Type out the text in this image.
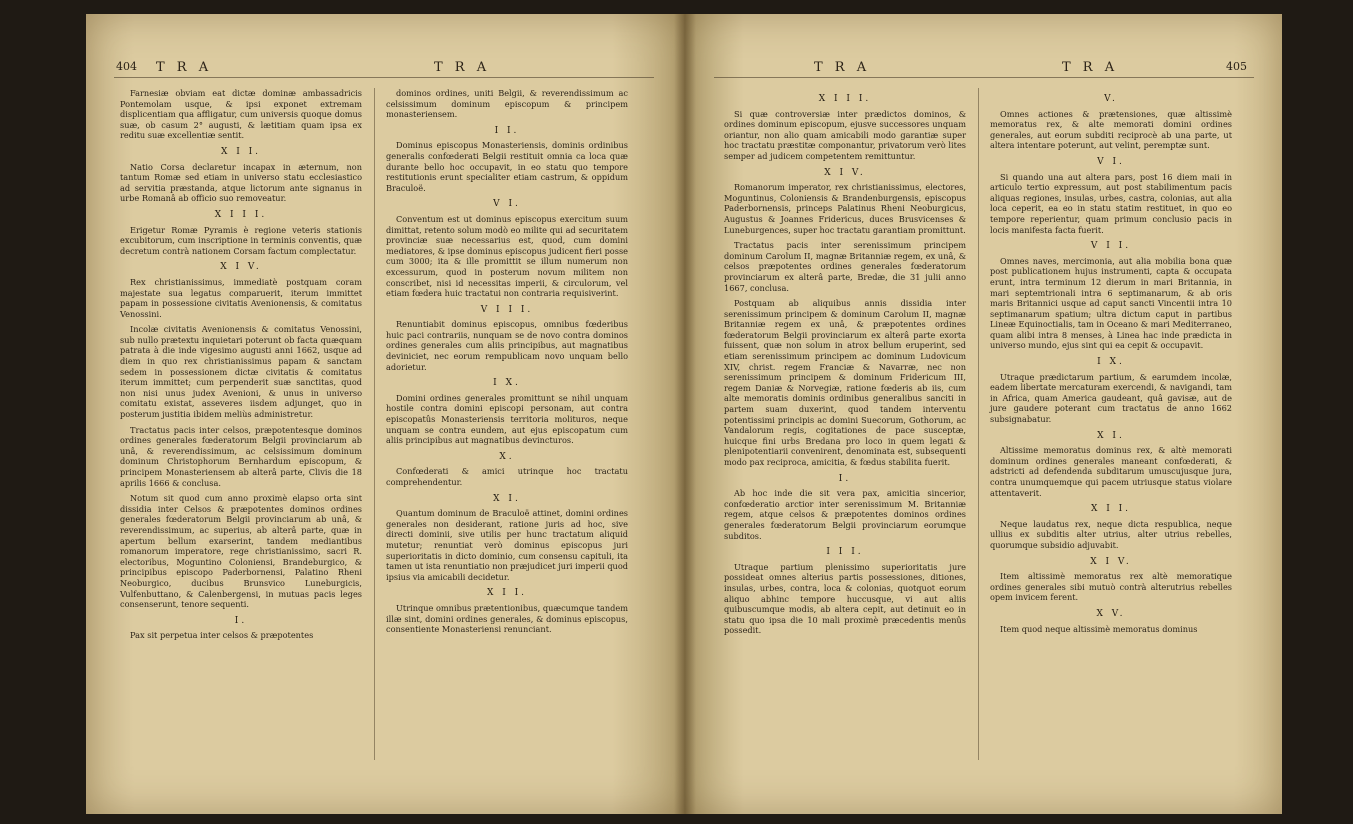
404 T R A	T R A

Farnesiæ obviam eat dictæ dominæ ambassadricis Pontemolam usque, & ipsi exponet extremam displicentiam qua affligatur, cum universis quoque domus suæ, ob casum 2° augusti, & lætitiam quam ipsa ex reditu suæ excellentiæ sentit.

X I I.

Natio Corsa declaretur incapax in æternum, non tantum Romæ sed etiam in universo statu ecclesiastico ad servitia præstanda, atque lictorum ante signanus in urbe Romanâ ab officio suo removeatur.

X I I I.

Erigetur Romæ Pyramis è regione veteris stationis excubitorum, cum inscriptione in terminis conventis, quæ decretum contrà nationem Corsam factum complectatur.

X I V.

Rex christianissimus, immediatè postquam coram majestate sua legatus comparuerit, iterum immittet papam in possessione civitatis Avenionensis, & comitatus Venossini.

Incolæ civitatis Avenionensis & comitatus Venossini, sub nullo prætextu inquietari poterunt ob facta quæquam patrata à die inde vigesimo augusti anni 1662, usque ad diem in quo rex christianissimus papam & sanctam sedem in possessionem dictæ civitatis & comitatus iterum immittet; cum perpenderit suæ sanctitas, quod non nisi unus judex Avenioni, & unus in universo comitatu existat, asseveres iisdem adjunget, quo in posterum justitia ibidem meliùs administretur.

Tractatus pacis inter celsos, præpotentesque dominos ordines generales fœderatorum Belgii provinciarum ab unâ, & reverendissimum, ac celsissimum dominum dominum Christophorum Bernhardum episcopum, & principem Monasteriensem ab alterâ parte, Clivis die 18 aprilis 1666 & conclusa.

Notum sit quod cum anno proximè elapso orta sint dissidia inter Celsos & præpotentes dominos ordines generales fœderatorum Belgii provinciarum ab unâ, & reverendissimum, ac superius, ab alterâ parte, quæ in apertum bellum exarserint, tandem mediantibus romanorum imperatore, rege christianissimo, sacri R. electoribus, Moguntino Coloniensi, Brandeburgico, & principibus episcopo Paderbornensi, Palatino Rheni Neoburgico, ducibus Brunsvico Luneburgicis, Vulfenbuttano, & Calenbergensi, in mutuas pacis leges consenserunt, tenore sequenti.

I.

Pax sit perpetua inter celsos & præpotentes

dominos ordines, uniti Belgii, & reverendissimum ac celsissimum dominum episcopum & principem monasteriensem.

I I.

Dominus episcopus Monasteriensis, dominis ordinibus generalis confœderati Belgii restituit omnia ca loca quæ durante bello hoc occupavit, in eo statu quo tempore restitutionis erunt specialiter etiam castrum, & oppidum Braculoë.

V I.

Conventum est ut dominus episcopus exercitum suum dimittat, retento solum modò eo milite qui ad securitatem provinciæ suæ necessarius est, quod, cum domini mediatores, & ipse dominus episcopus judicent fieri posse cum 3000; ita & ille promittit se illum numerum non excessurum, quod in posterum novum militem non conscribet, nisi id necessitas imperii, & circulorum, vel etiam fœdera huic tractatui non contraria requisiverint.

V I I I.

Renuntiabit dominus episcopus, omnibus fœderibus huic paci contrariis, nunquam se de novo contra dominos ordines generales cum aliis principibus, aut magnatibus deviniciet, nec eorum rempublicam novo unquam bello adorietur.

I X.

Domini ordines generales promittunt se nihil unquam hostile contra domini episcopi personam, aut contra episcopatûs Monasteriensis territoria molituros, neque unquam se contra eundem, aut ejus episcopatum cum aliis principibus aut magnatibus devincturos.

X.

Confœderati & amici utrinque hoc tractatu comprehendentur.

X I.

Quantum dominum de Braculoë attinet, domini ordines generales non desiderant, ratione juris ad hoc, sive directi dominii, sive utilis per hunc tractatum aliquid mutetur; renuntiat verò dominus episcopus juri superioritatis in dicto dominio, cum consensu capituli, ita tamen ut ista renuntiatio non præjudicet juri imperii quod ipsius via amicabili decidetur.

X I I.

Utrinque omnibus prætentionibus, quæcumque tandem illæ sint, domini ordines generales, & dominus episcopus, consentiente Monasteriensi renunciant.

T R A	T R A	405
X I I I.

Si quæ controversiæ inter prædictos dominos, & ordines dominum episcopum, ejusve successores unquam oriantur, non alio quam amicabili modo garantiæ super hoc tractatu præstitæ componantur, privatorum verò lites semper ad judicem competentem remittuntur.

X I V.

Romanorum imperator, rex christianissimus, electores, Moguntinus, Coloniensis & Brandenburgensis, episcopus Paderbornensis, princeps Palatinus Rheni Neoburgicus, Augustus & Joannes Fridericus, duces Brusvicenses & Luneburgences, super hoc tractatu garantiam promittunt.

Tractatus pacis inter serenissimum principem dominum Carolum II, magnæ Britanniæ regem, ex unâ, & celsos præpotentes ordines generales fœderatorum provinciarum ex alterâ parte, Bredæ, die 31 julii anno 1667, conclusa.

Postquam ab aliquibus annis dissidia inter serenissimum principem & dominum Carolum II, magnæ Britanniæ regem ex unâ, & præpotentes ordines fœderatorum Belgii provinciarum ex alterâ parte exorta fuissent, quæ non solum in atrox bellum eruperint, sed etiam serenissimum principem ac dominum Ludovicum XIV, christ. regem Franciæ & Navarræ, nec non serenissimum principem & dominum Fridericum III, regem Daniæ & Norvegiæ, ratione fœderis ab iis, cum alte memoratis dominis ordinibus generalibus sanciti in partem suam duxerint, quod tandem interventu potentissimi principis ac domini Suecorum, Gothorum, ac Vandalorum regis, cogitationes de pace susceptæ, huicque fini urbs Bredana pro loco in quem legati & plenipotentiarii convenirent, denominata est, subsequenti modo pax reciproca, amicitia, & fœdus stabilita fuerit.

I.

Ab hoc inde die sit vera pax, amicitia sincerior, confœderatio arctior inter serenissimum M. Britanniæ regem, atque celsos & præpotentes dominos ordines generales fœderatorum Belgii provinciarum eorumque subditos.

I I I.

Utraque partium plenissimo superioritatis jure possideat omnes alterius partis possessiones, ditiones, insulas, urbes, contra, loca & colonias, quotquot eorum aliquo abhinc tempore huccusque, vi aut aliis quibuscumque modis, ab altera cepit, aut detinuit eo in statu quo ipsa die 10 mali proximè præcedentis menûs possedit.

V.

Omnes actiones & prætensiones, quæ altissimè memoratus rex, & alte memorati domini ordines generales, aut eorum subditi reciprocè ab una parte, ut altera intentare poterunt, aut velint, peremptæ sunt.

V I.

Si quando una aut altera pars, post 16 diem maii in articulo tertio expressum, aut post stabilimentum pacis aliquas regiones, insulas, urbes, castra, colonias, aut alia loca ceperit, ea eo in statu statim restituet, in quo eo tempore reperientur, quam primum conclusio pacis in locis manifesta facta fuerit.

V I I.

Omnes naves, mercimonia, aut alia mobilia bona quæ post publicationem hujus instrumenti, capta & occupata erunt, intra terminum 12 dierum in mari Britannia, in mari septemtrionali intra 6 septimanarum, & ab oris maris Britannici usque ad caput sancti Vincentii intra 10 septimanarum spatium; ultra dictum caput in partibus Lineæ Equinoctialis, tam in Oceano & mari Mediterraneo, quam alibi intra 8 menses, à Linea hac inde prædicta in universo mundo, ejus sint qui ea cepit & occupavit.

I X.

Utraque prædictarum partium, & earumdem incolæ, eadem libertate mercaturam exercendi, & navigandi, tam in Africa, quam America gaudeant, quâ gavisæ, aut de jure gaudere poterant cum tractatus de anno 1662 subsignabatur.

X I.

Altissime memoratus dominus rex, & altè memorati dominum ordines generales maneant confœderati, & adstricti ad defendenda subditarum umuscujusque jura, contra unumquemque qui pacem utriusque status violare attentaverit.

X I I.

Neque laudatus rex, neque dicta respublica, neque ullius ex subditis alter utrius, alter utrius rebelles, quorumque subsidio adjuvabit.

X I V.

Item altissimè memoratus rex altè memoratique ordines generales sibi mutuò contrà alterutrius rebelles opem invicem ferent.

X V.

Item quod neque altissimè memoratus dominus
